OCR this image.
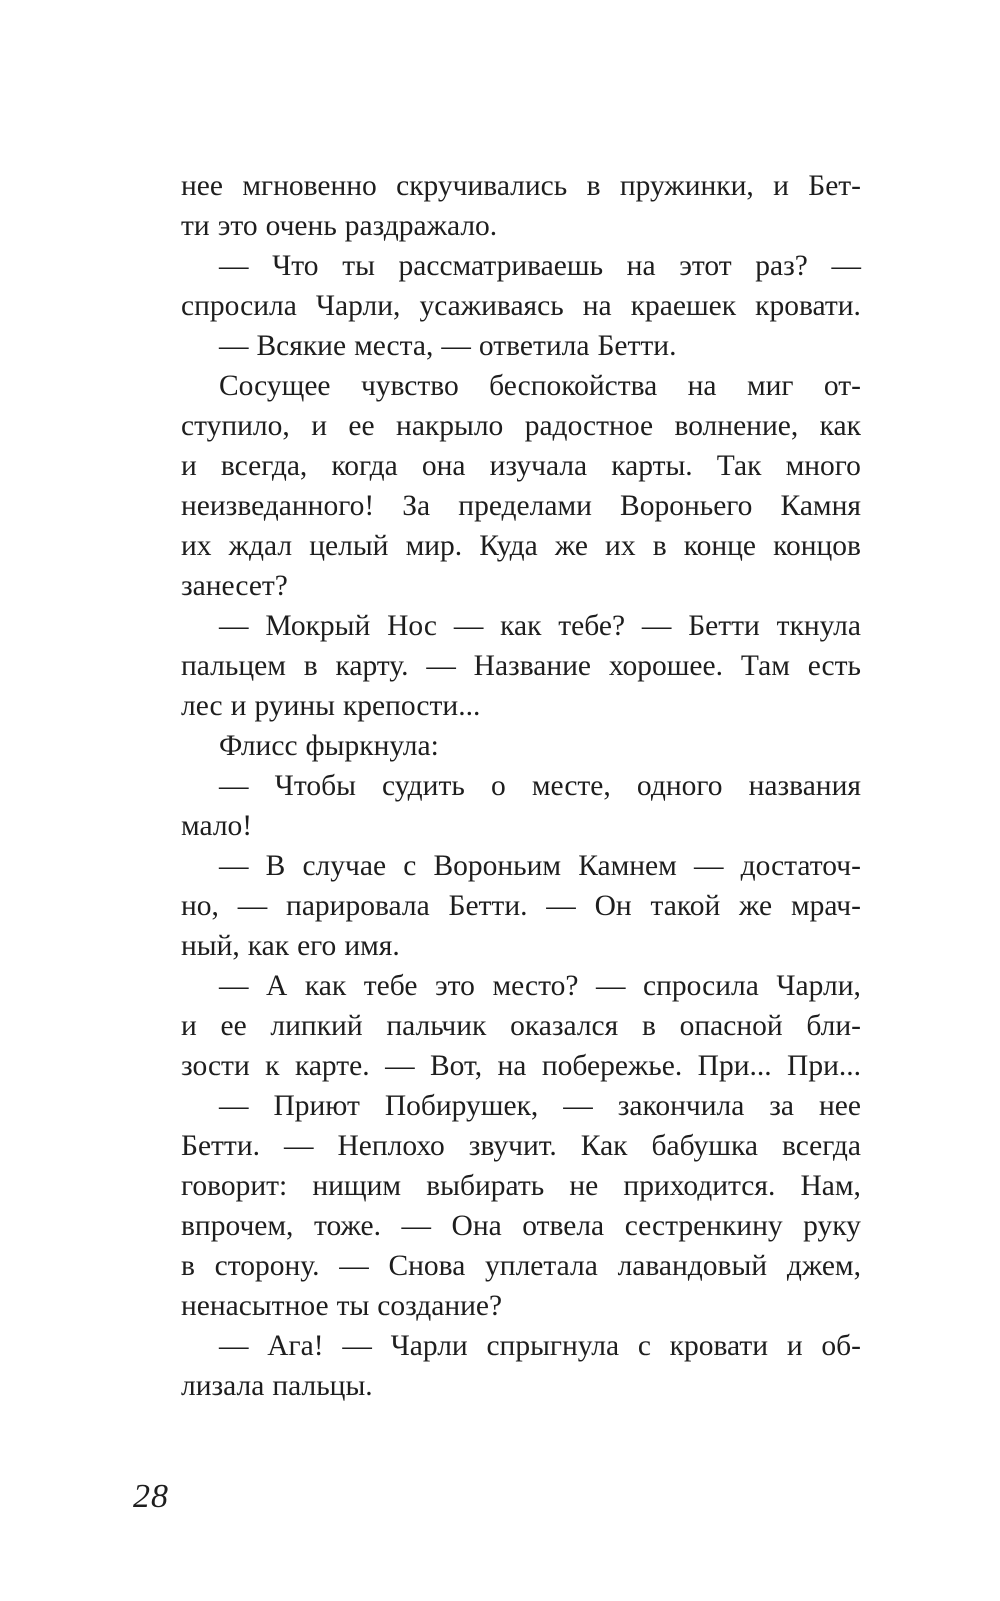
нее мгновенно скручивались в пружинки, и Бет-
ти это очень раздражало.
— Что ты рассматриваешь на этот раз? —
спросила Чарли, усаживаясь на краешек кровати.
— Всякие места, — ответила Бетти.
Сосущее чувство беспокойства на миг от-
ступило, и ее накрыло радостное волнение, как
и всегда, когда она изучала карты. Так много
неизведанного! За пределами Вороньего Камня
их ждал целый мир. Куда же их в конце концов
занесет?
— Мокрый Нос — как тебе? — Бетти ткнула
пальцем в карту. — Название хорошее. Там есть
лес и руины крепости...
Флисс фыркнула:
— Чтобы судить о месте, одного названия
мало!
— В случае с Вороньим Камнем — достаточ-
но, — парировала Бетти. — Он такой же мрач-
ный, как его имя.
— А как тебе это место? — спросила Чарли,
и ее липкий пальчик оказался в опасной бли-
зости к карте. — Вот, на побережье. При... При...
— Приют Побирушек, — закончила за нее
Бетти. — Неплохо звучит. Как бабушка всегда
говорит: нищим выбирать не приходится. Нам,
впрочем, тоже. — Она отвела сестренкину руку
в сторону. — Снова уплетала лавандовый джем,
ненасытное ты создание?
— Ага! — Чарли спрыгнула с кровати и об-
лизала пальцы.
28
